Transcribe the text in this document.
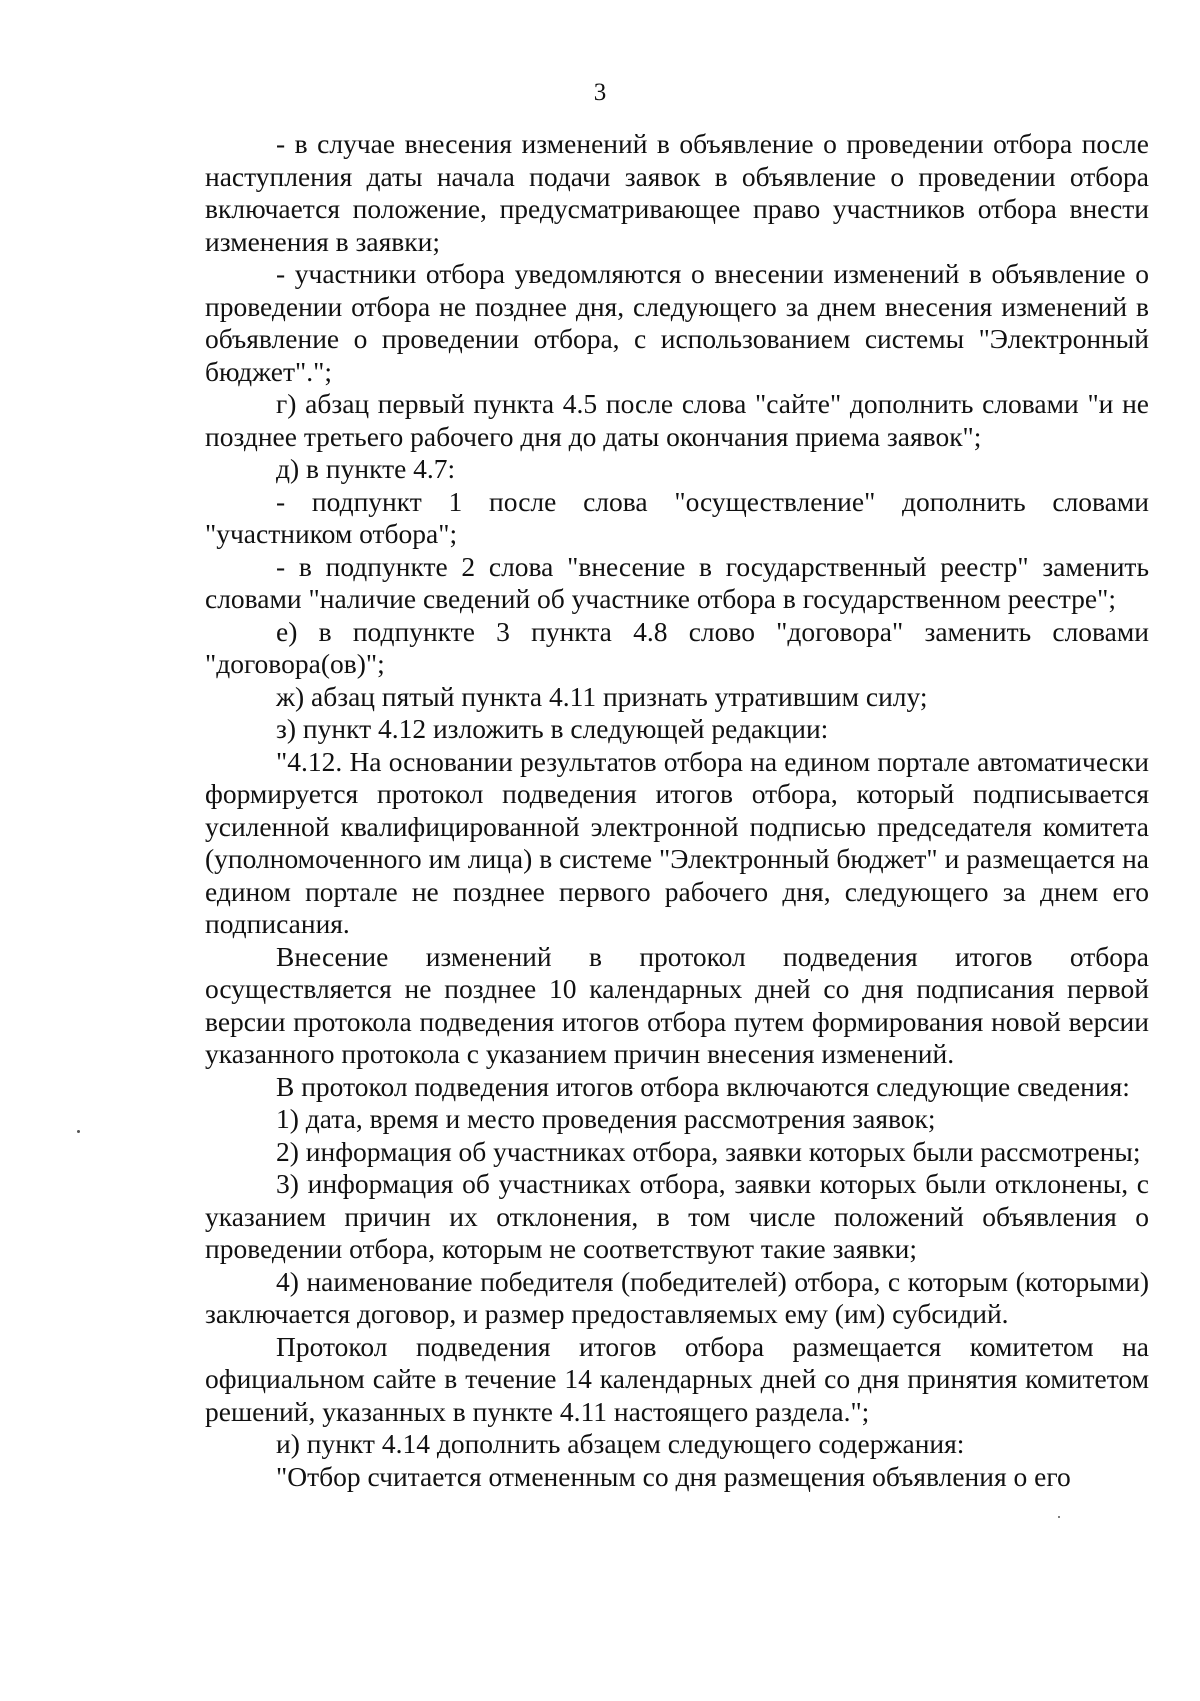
3

- в случае внесения изменений в объявление о проведении отбора после наступления даты начала подачи заявок в объявление о проведении отбора включается положение, предусматривающее право участников отбора внести изменения в заявки;

- участники отбора уведомляются о внесении изменений в объявление о проведении отбора не позднее дня, следующего за днем внесения изменений в объявление о проведении отбора, с использованием системы "Электронный бюджет".";

г) абзац первый пункта 4.5 после слова "сайте" дополнить словами "и не позднее третьего рабочего дня до даты окончания приема заявок";

д) в пункте 4.7:

- подпункт 1 после слова "осуществление" дополнить словами "участником отбора";

- в подпункте 2 слова "внесение в государственный реестр" заменить словами "наличие сведений об участнике отбора в государственном реестре";

е) в подпункте 3 пункта 4.8 слово "договора" заменить словами "договора(ов)";

ж) абзац пятый пункта 4.11 признать утратившим силу;

з) пункт 4.12 изложить в следующей редакции:

"4.12. На основании результатов отбора на едином портале автоматически формируется протокол подведения итогов отбора, который подписывается усиленной квалифицированной электронной подписью председателя комитета (уполномоченного им лица) в системе "Электронный бюджет" и размещается на едином портале не позднее первого рабочего дня, следующего за днем его подписания.

Внесение изменений в протокол подведения итогов отбора осуществляется не позднее 10 календарных дней со дня подписания первой версии протокола подведения итогов отбора путем формирования новой версии указанного протокола с указанием причин внесения изменений.

В протокол подведения итогов отбора включаются следующие сведения:

1) дата, время и место проведения рассмотрения заявок;

2) информация об участниках отбора, заявки которых были рассмотрены;

3) информация об участниках отбора, заявки которых были отклонены, с указанием причин их отклонения, в том числе положений объявления о проведении отбора, которым не соответствуют такие заявки;

4) наименование победителя (победителей) отбора, с которым (которыми) заключается договор, и размер предоставляемых ему (им) субсидий.

Протокол подведения итогов отбора размещается комитетом на официальном сайте в течение 14 календарных дней со дня принятия комитетом решений, указанных в пункте 4.11 настоящего раздела.";

и) пункт 4.14 дополнить абзацем следующего содержания:

"Отбор считается отмененным со дня размещения объявления о его
